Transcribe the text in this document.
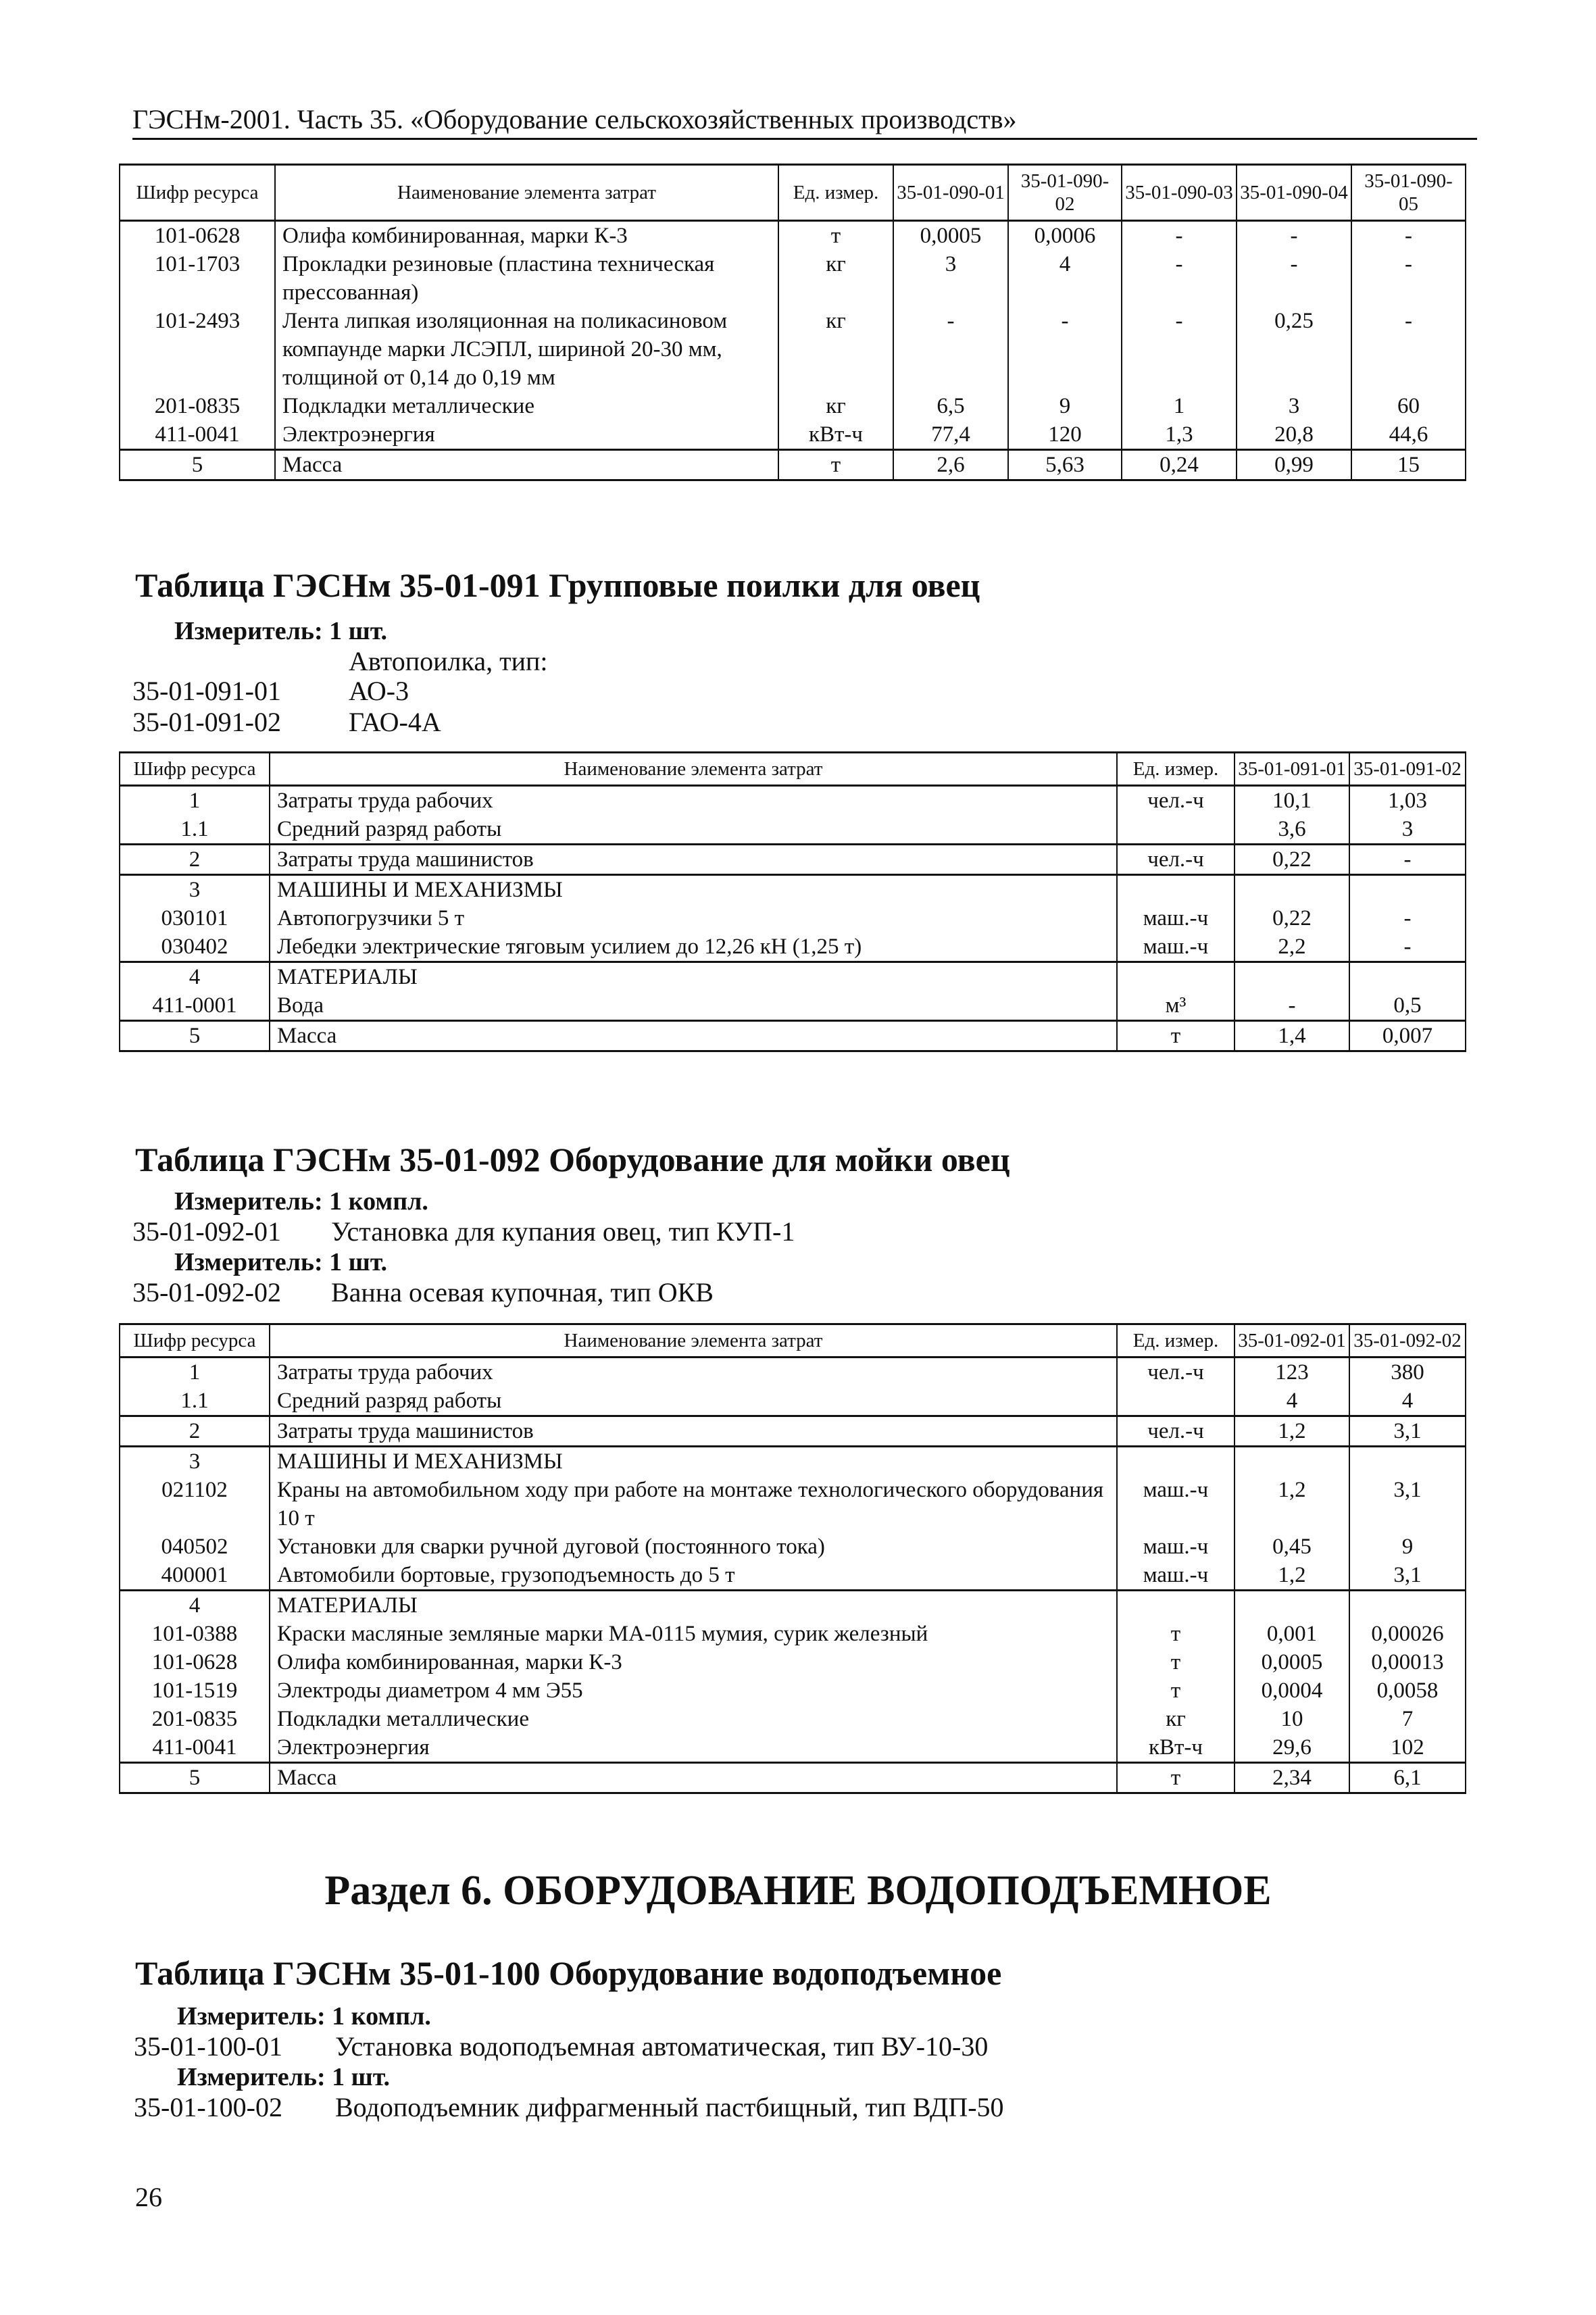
ГЭСНм-2001. Часть 35. «Оборудование сельскохозяйственных производств»
Шифр ресурса	Наименование элемента затрат	Ед. измер.	35-01-090-01	35-01-090-02	35-01-090-03	35-01-090-04	35-01-090-05
101-0628	Олифа комбинированная, марки К-3	т	0,0005	0,0006	-	-	-
101-1703	Прокладки резиновые (пластина техническая прессованная)	кг	3	4	-	-	-
101-2493	Лента липкая изоляционная на поликасиновом компаунде марки ЛСЭПЛ, шириной 20-30 мм, толщиной от 0,14 до 0,19 мм	кг	-	-	-	0,25	-
201-0835	Подкладки металлические	кг	6,5	9	1	3	60
411-0041	Электроэнергия	кВт-ч	77,4	120	1,3	20,8	44,6
5	Масса	т	2,6	5,63	0,24	0,99	15
Таблица ГЭСНм 35-01-091 Групповые поилки для овец
Измеритель: 1 шт.
Автопоилка, тип:
35-01-091-01	АО-3
35-01-091-02	ГАО-4А
Шифр ресурса	Наименование элемента затрат	Ед. измер.	35-01-091-01	35-01-091-02
1	Затраты труда рабочих	чел.-ч	10,1	1,03
1.1	Средний разряд работы		3,6	3
2	Затраты труда машинистов	чел.-ч	0,22	-
3	МАШИНЫ И МЕХАНИЗМЫ			
030101	Автопогрузчики 5 т	маш.-ч	0,22	-
030402	Лебедки электрические тяговым усилием до 12,26 кН (1,25 т)	маш.-ч	2,2	-
4	МАТЕРИАЛЫ			
411-0001	Вода	м³	-	0,5
5	Масса	т	1,4	0,007
Таблица ГЭСНм 35-01-092 Оборудование для мойки овец
Измеритель: 1 компл.
35-01-092-01 Установка для купания овец, тип КУП-1
Измеритель: 1 шт.
35-01-092-02 Ванна осевая купочная, тип ОКВ
Шифр ресурса	Наименование элемента затрат	Ед. измер.	35-01-092-01	35-01-092-02
1	Затраты труда рабочих	чел.-ч	123	380
1.1	Средний разряд работы		4	4
2	Затраты труда машинистов	чел.-ч	1,2	3,1
3	МАШИНЫ И МЕХАНИЗМЫ			
021102	Краны на автомобильном ходу при работе на монтаже технологического оборудования 10 т	маш.-ч	1,2	3,1
040502	Установки для сварки ручной дуговой (постоянного тока)	маш.-ч	0,45	9
400001	Автомобили бортовые, грузоподъемность до 5 т	маш.-ч	1,2	3,1
4	МАТЕРИАЛЫ			
101-0388	Краски масляные земляные марки МА-0115 мумия, сурик железный	т	0,001	0,00026
101-0628	Олифа комбинированная, марки К-3	т	0,0005	0,00013
101-1519	Электроды диаметром 4 мм Э55	т	0,0004	0,0058
201-0835	Подкладки металлические	кг	10	7
411-0041	Электроэнергия	кВт-ч	29,6	102
5	Масса	т	2,34	6,1
Раздел 6. ОБОРУДОВАНИЕ ВОДОПОДЪЕМНОЕ
Таблица ГЭСНм 35-01-100 Оборудование водоподъемное
Измеритель: 1 компл.
35-01-100-01 Установка водоподъемная автоматическая, тип ВУ-10-30
Измеритель: 1 шт.
35-01-100-02 Водоподъемник дифрагменный пастбищный, тип ВДП-50
26
